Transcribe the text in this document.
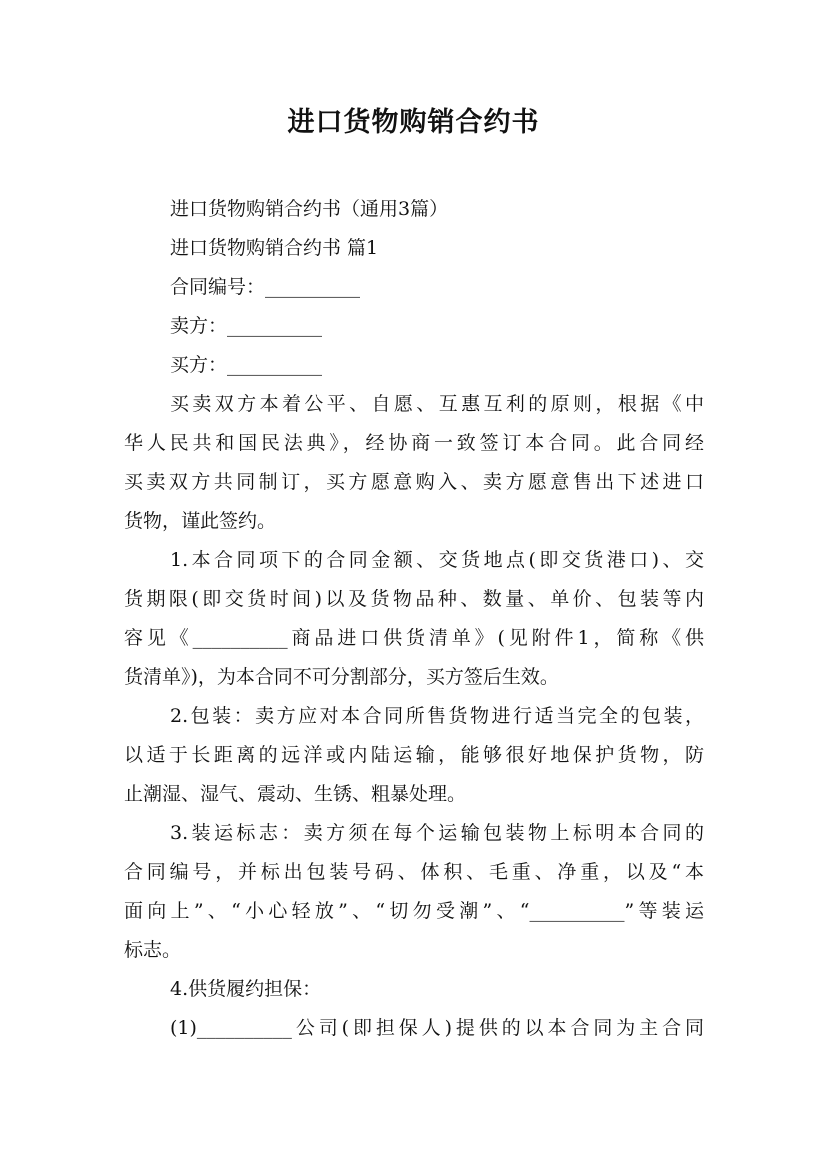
进口货物购销合约书
进口货物购销合约书（通用3篇）
进口货物购销合约书 篇1
合同编号：__________
卖方：__________
买方：__________
买卖双方本着公平、自愿、互惠互利的原则，根据《中
华人民共和国民法典》，经协商一致签订本合同。此合同经
买卖双方共同制订，买方愿意购入、卖方愿意售出下述进口
货物，谨此签约。
1.本合同项下的合同金额、交货地点(即交货港口)、交
货期限(即交货时间)以及货物品种、数量、单价、包装等内
容见《__________商品进口供货清单》(见附件1，简称《供
货清单》)，为本合同不可分割部分，买方签后生效。
2.包装：卖方应对本合同所售货物进行适当完全的包装，
以适于长距离的远洋或内陆运输，能够很好地保护货物，防
止潮湿、湿气、震动、生锈、粗暴处理。
3.装运标志：卖方须在每个运输包装物上标明本合同的
合同编号，并标出包装号码、体积、毛重、净重，以及“本
面向上”、“小心轻放”、“切勿受潮”、“__________”等装运
标志。
4.供货履约担保：
(1)__________公司(即担保人)提供的以本合同为主合同
